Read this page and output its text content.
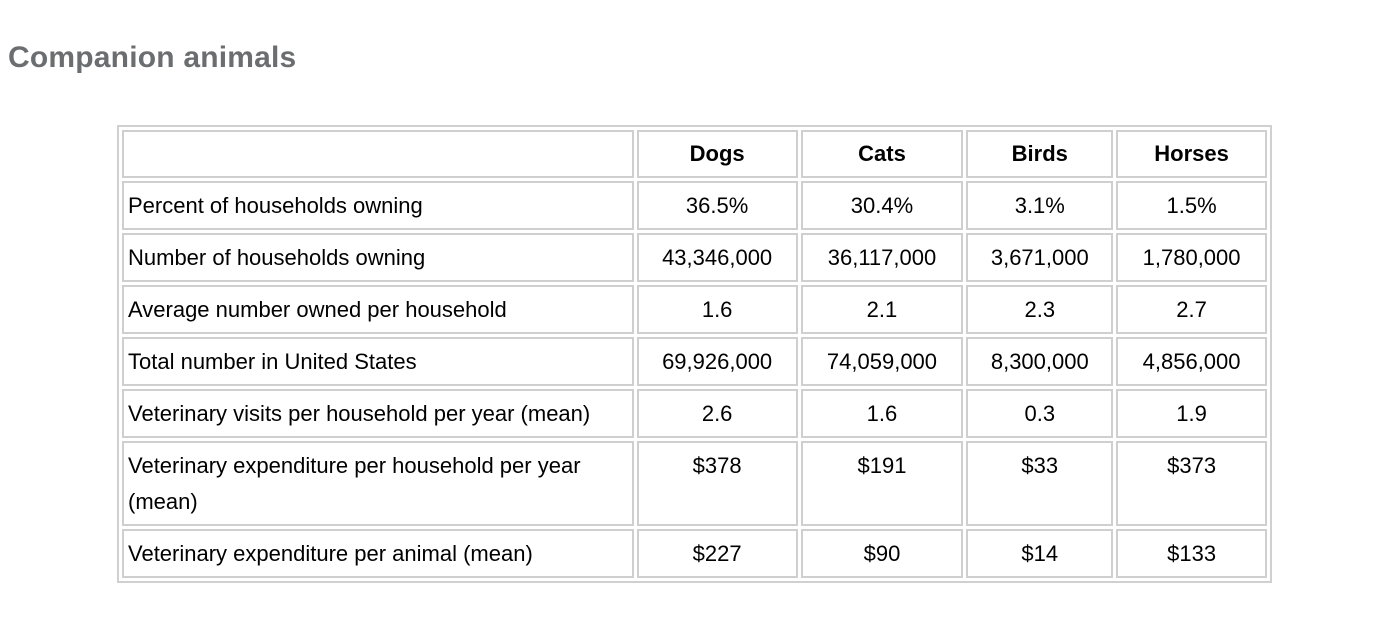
Companion animals
	Dogs	Cats	Birds	Horses
Percent of households owning	36.5%	30.4%	3.1%	1.5%
Number of households owning	43,346,000	36,117,000	3,671,000	1,780,000
Average number owned per household	1.6	2.1	2.3	2.7
Total number in United States	69,926,000	74,059,000	8,300,000	4,856,000
Veterinary visits per household per year (mean)	2.6	1.6	0.3	1.9
Veterinary expenditure per household per year (mean)	$378	$191	$33	$373
Veterinary expenditure per animal (mean)	$227	$90	$14	$133
